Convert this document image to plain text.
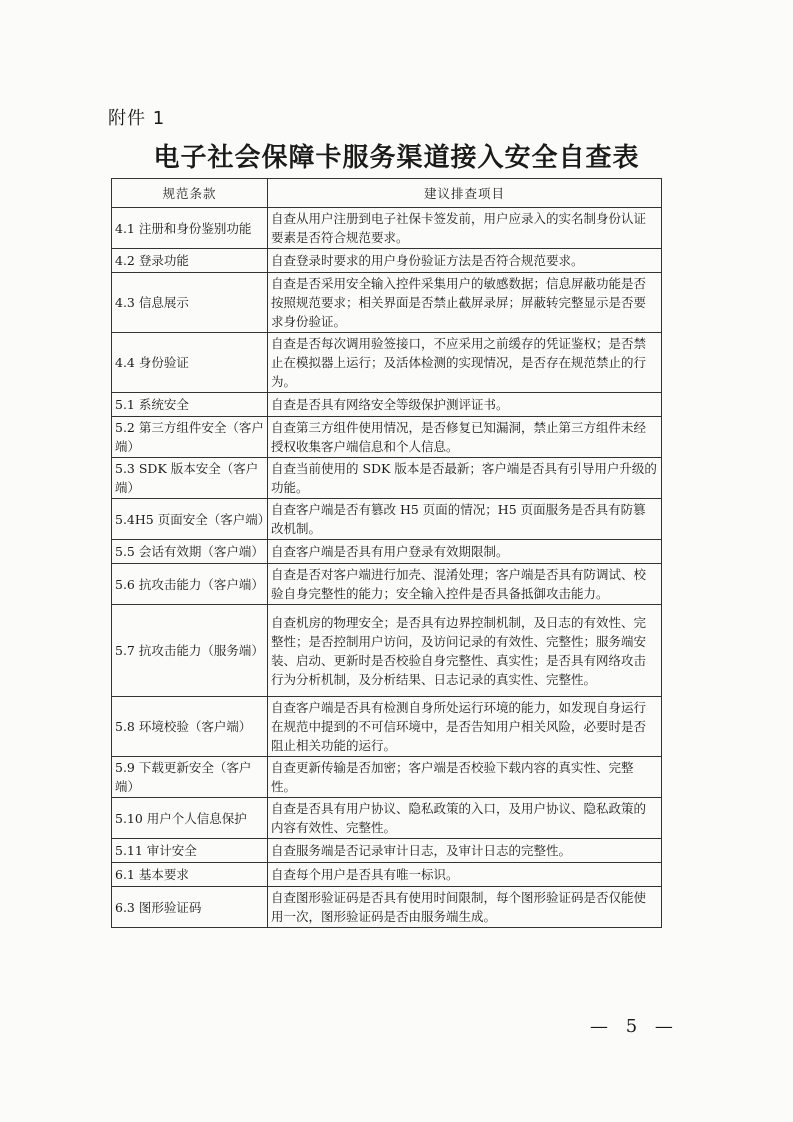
附件 1
电子社会保障卡服务渠道接入安全自查表
规范条款	建议排查项目
4.1 注册和身份鉴别功能	自查从用户注册到电子社保卡签发前，用户应录入的实名制身份认证要素是否符合规范要求。
4.2 登录功能	自查登录时要求的用户身份验证方法是否符合规范要求。
4.3 信息展示	自查是否采用安全输入控件采集用户的敏感数据；信息屏蔽功能是否按照规范要求；相关界面是否禁止截屏录屏；屏蔽转完整显示是否要求身份验证。
4.4 身份验证	自查是否每次调用验签接口，不应采用之前缓存的凭证鉴权；是否禁止在模拟器上运行；及活体检测的实现情况，是否存在规范禁止的行为。
5.1 系统安全	自查是否具有网络安全等级保护测评证书。
5.2 第三方组件安全（客户端）	自查第三方组件使用情况，是否修复已知漏洞，禁止第三方组件未经授权收集客户端信息和个人信息。
5.3 SDK 版本安全（客户端）	自查当前使用的 SDK 版本是否最新；客户端是否具有引导用户升级的功能。
5.4H5 页面安全（客户端）	自查客户端是否有篡改 H5 页面的情况；H5 页面服务是否具有防篡改机制。
5.5 会话有效期（客户端）	自查客户端是否具有用户登录有效期限制。
5.6 抗攻击能力（客户端）	自查是否对客户端进行加壳、混淆处理；客户端是否具有防调试、校验自身完整性的能力；安全输入控件是否具备抵御攻击能力。
5.7 抗攻击能力（服务端）	自查机房的物理安全；是否具有边界控制机制，及日志的有效性、完整性；是否控制用户访问，及访问记录的有效性、完整性；服务端安装、启动、更新时是否校验自身完整性、真实性；是否具有网络攻击行为分析机制，及分析结果、日志记录的真实性、完整性。
5.8 环境校验（客户端）	自查客户端是否具有检测自身所处运行环境的能力，如发现自身运行在规范中提到的不可信环境中，是否告知用户相关风险，必要时是否阻止相关功能的运行。
5.9 下载更新安全（客户端）	自查更新传输是否加密；客户端是否校验下载内容的真实性、完整性。
5.10 用户个人信息保护	自查是否具有用户协议、隐私政策的入口，及用户协议、隐私政策的内容有效性、完整性。
5.11 审计安全	自查服务端是否记录审计日志，及审计日志的完整性。
6.1 基本要求	自查每个用户是否具有唯一标识。
6.3 图形验证码	自查图形验证码是否具有使用时间限制，每个图形验证码是否仅能使用一次，图形验证码是否由服务端生成。
— 5 —
